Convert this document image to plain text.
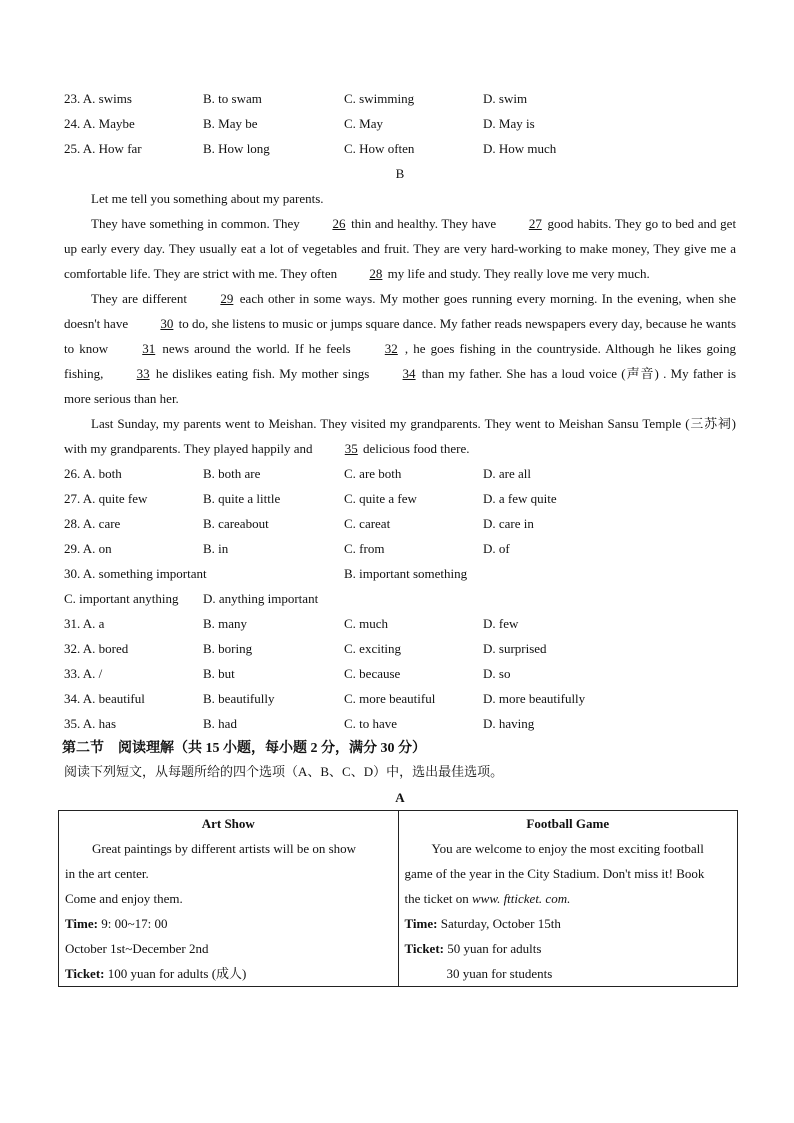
23. A. swims	B. to swam	C. swimming	D. swim
24. A. Maybe	B. May be	C. May	D. May is
25. A. How far	B. How long	C. How often	D. How much
B
Let me tell you something about my parents.
They have something in common. They	26 thin and healthy. They have	27 good habits. They go to bed and get up early every day. They usually eat a lot of vegetables and fruit. They are very hard-working to make money, They give me a comfortable life. They are strict with me. They often 28 my life and study. They really love me very much.
They are different	29 each other in some ways. My mother goes running every morning. In the evening, when she doesn't have 30 to do, she listens to music or jumps square dance. My father reads newspapers every day, because he wants to know	31 news around the world. If he feels	32 , he goes fishing in the countryside. Although he likes going fishing,	33 he dislikes eating fish. My mother sings	34 than my father. She has a loud voice (声音) . My father is more serious than her.
Last Sunday, my parents went to Meishan. They visited my grandparents. They went to Meishan Sansu Temple (三苏祠) with my grandparents. They played happily and 35 delicious food there.
26. A. both	B. both are	C. are both	D. are all
27. A. quite few	B. quite a little	C. quite a few	D. a few quite
28. A. care	B. careabout	C. careat	D. care in
29. A. on	B. in	C. from	D. of
30. A. something important	B. important something
C. important anything D. anything important
31. A. a	B. many	C. much	D. few
32. A. bored	B. boring	C. exciting	D. surprised
33. A. /	B. but	C. because	D. so
34. A. beautiful	B. beautifully	C. more beautiful	D. more beautifully
35. A. has	B. had	C. to have	D. having
第二节　阅读理解（共 15 小题，每小题 2 分，满分 30 分）
阅读下列短文，从每题所给的四个选项（A、B、C、D）中，选出最佳选项。
A
Art Show
Great paintings by different artists will be on show
in the art center.
Come and enjoy them.
Time: 9: 00~17: 00
October 1st~December 2nd
Ticket: 100 yuan for adults (成人)

Football Game
You are welcome to enjoy the most exciting football
game of the year in the City Stadium. Don't miss it! Book
the ticket on www. ftticket. com.
Time: Saturday, October 15th
Ticket: 50 yuan for adults
30 yuan for students
